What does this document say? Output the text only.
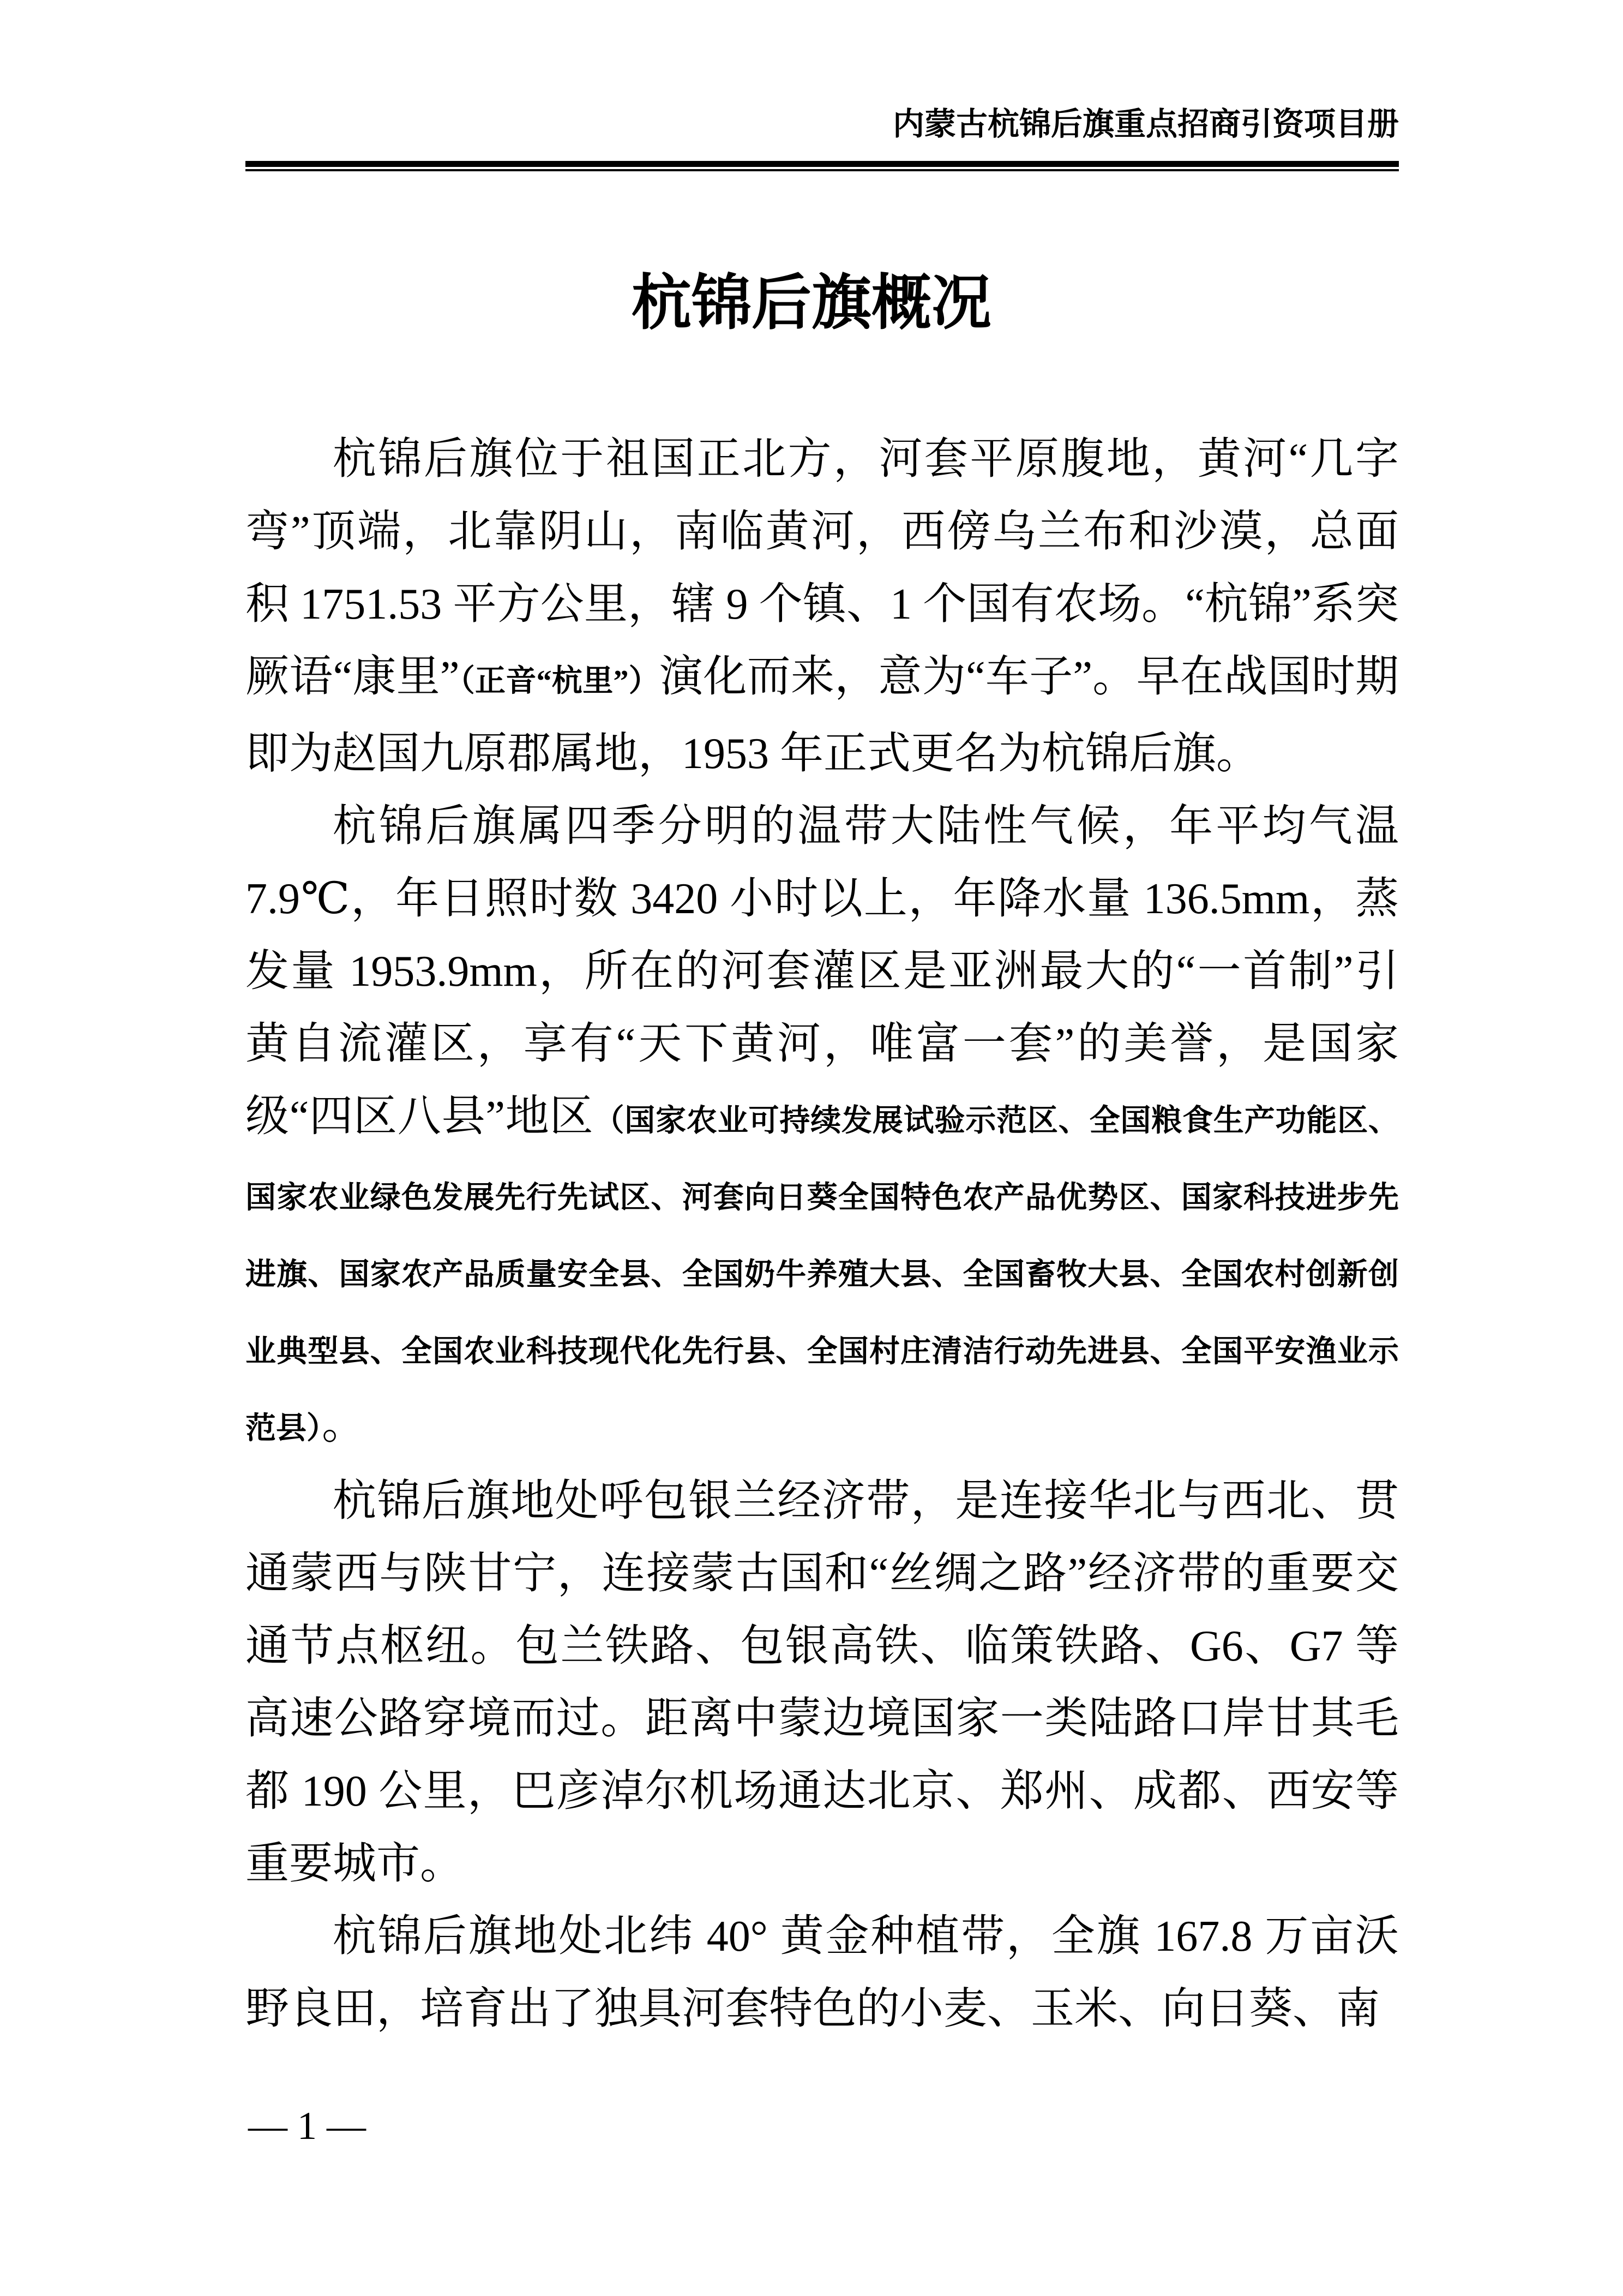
内蒙古杭锦后旗重点招商引资项目册
杭锦后旗概况

杭锦后旗位于祖国正北方，河套平原腹地，黄河“几字弯”顶端，北靠阴山，南临黄河，西傍乌兰布和沙漠，总面积 1751.53 平方公里，辖 9 个镇、1 个国有农场。“杭锦”系突厥语“康里”（正音“杭里”）演化而来，意为“车子”。早在战国时期即为赵国九原郡属地，1953 年正式更名为杭锦后旗。

杭锦后旗属四季分明的温带大陆性气候，年平均气温 7.9℃，年日照时数 3420 小时以上，年降水量 136.5mm，蒸发量 1953.9mm，所在的河套灌区是亚洲最大的“一首制”引黄自流灌区，享有“天下黄河，唯富一套”的美誉，是国家级“四区八县”地区（国家农业可持续发展试验示范区、全国粮食生产功能区、国家农业绿色发展先行先试区、河套向日葵全国特色农产品优势区、国家科技进步先进旗、国家农产品质量安全县、全国奶牛养殖大县、全国畜牧大县、全国农村创新创业典型县、全国农业科技现代化先行县、全国村庄清洁行动先进县、全国平安渔业示范县）。

杭锦后旗地处呼包银兰经济带，是连接华北与西北、贯通蒙西与陕甘宁，连接蒙古国和“丝绸之路”经济带的重要交通节点枢纽。包兰铁路、包银高铁、临策铁路、G6、G7 等高速公路穿境而过。距离中蒙边境国家一类陆路口岸甘其毛都 190 公里，巴彦淖尔机场通达北京、郑州、成都、西安等重要城市。

杭锦后旗地处北纬 40° 黄金种植带，全旗 167.8 万亩沃野良田，培育出了独具河套特色的小麦、玉米、向日葵、南

— 1 —
